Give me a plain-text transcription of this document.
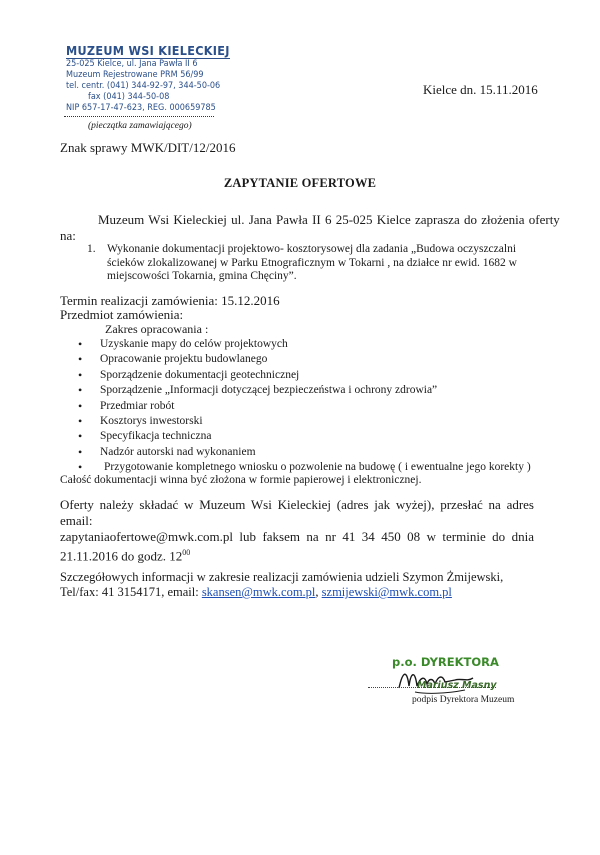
MUZEUM WSI KIELECKIEJ
25-025 Kielce, ul. Jana Pawła II 6
Muzeum Rejestrowane PRM 56/99
tel. centr. (041) 344-92-97, 344-50-06
fax (041) 344-50-08
NIP 657-17-47-623, REG. 000659785
(pieczątka zamawiającego)
Kielce dn. 15.11.2016
Znak sprawy MWK/DIT/12/2016
ZAPYTANIE OFERTOWE
Muzeum Wsi Kieleckiej ul. Jana Pawła II 6 25-025 Kielce zaprasza do złożenia oferty
na:
1. Wykonanie dokumentacji projektowo- kosztorysowej dla zadania „Budowa oczyszczalni
ścieków zlokalizowanej w Parku Etnograficznym w Tokarni , na działce nr ewid. 1682 w
miejscowości Tokarnia, gmina Chęciny”.
Termin realizacji zamówienia: 15.12.2016
Przedmiot zamówienia:
Zakres opracowania :
• Uzyskanie mapy do celów projektowych
• Opracowanie projektu budowlanego
• Sporządzenie dokumentacji geotechnicznej
• Sporządzenie „Informacji dotyczącej bezpieczeństwa i ochrony zdrowia”
• Przedmiar robót
• Kosztorys inwestorski
• Specyfikacja techniczna
• Nadzór autorski nad wykonaniem
• Przygotowanie kompletnego wniosku o pozwolenie na budowę ( i ewentualne jego korekty )
Całość dokumentacji winna być złożona w formie papierowej i elektronicznej.
Oferty należy składać w Muzeum Wsi Kieleckiej (adres jak wyżej), przesłać na adres email:
zapytaniaofertowe@mwk.com.pl lub faksem na nr 41 34 450 08 w terminie do dnia
21.11.2016 do godz. $12^{00}$
Szczegółowych informacji w zakresie realizacji zamówienia udzieli Szymon Żmijewski,
Tel/fax: 41 3154171, email: skansen@mwk.com.pl, szmijewski@mwk.com.pl
p.o. DYREKTORA
Mariusz Masny
podpis Dyrektora Muzeum
